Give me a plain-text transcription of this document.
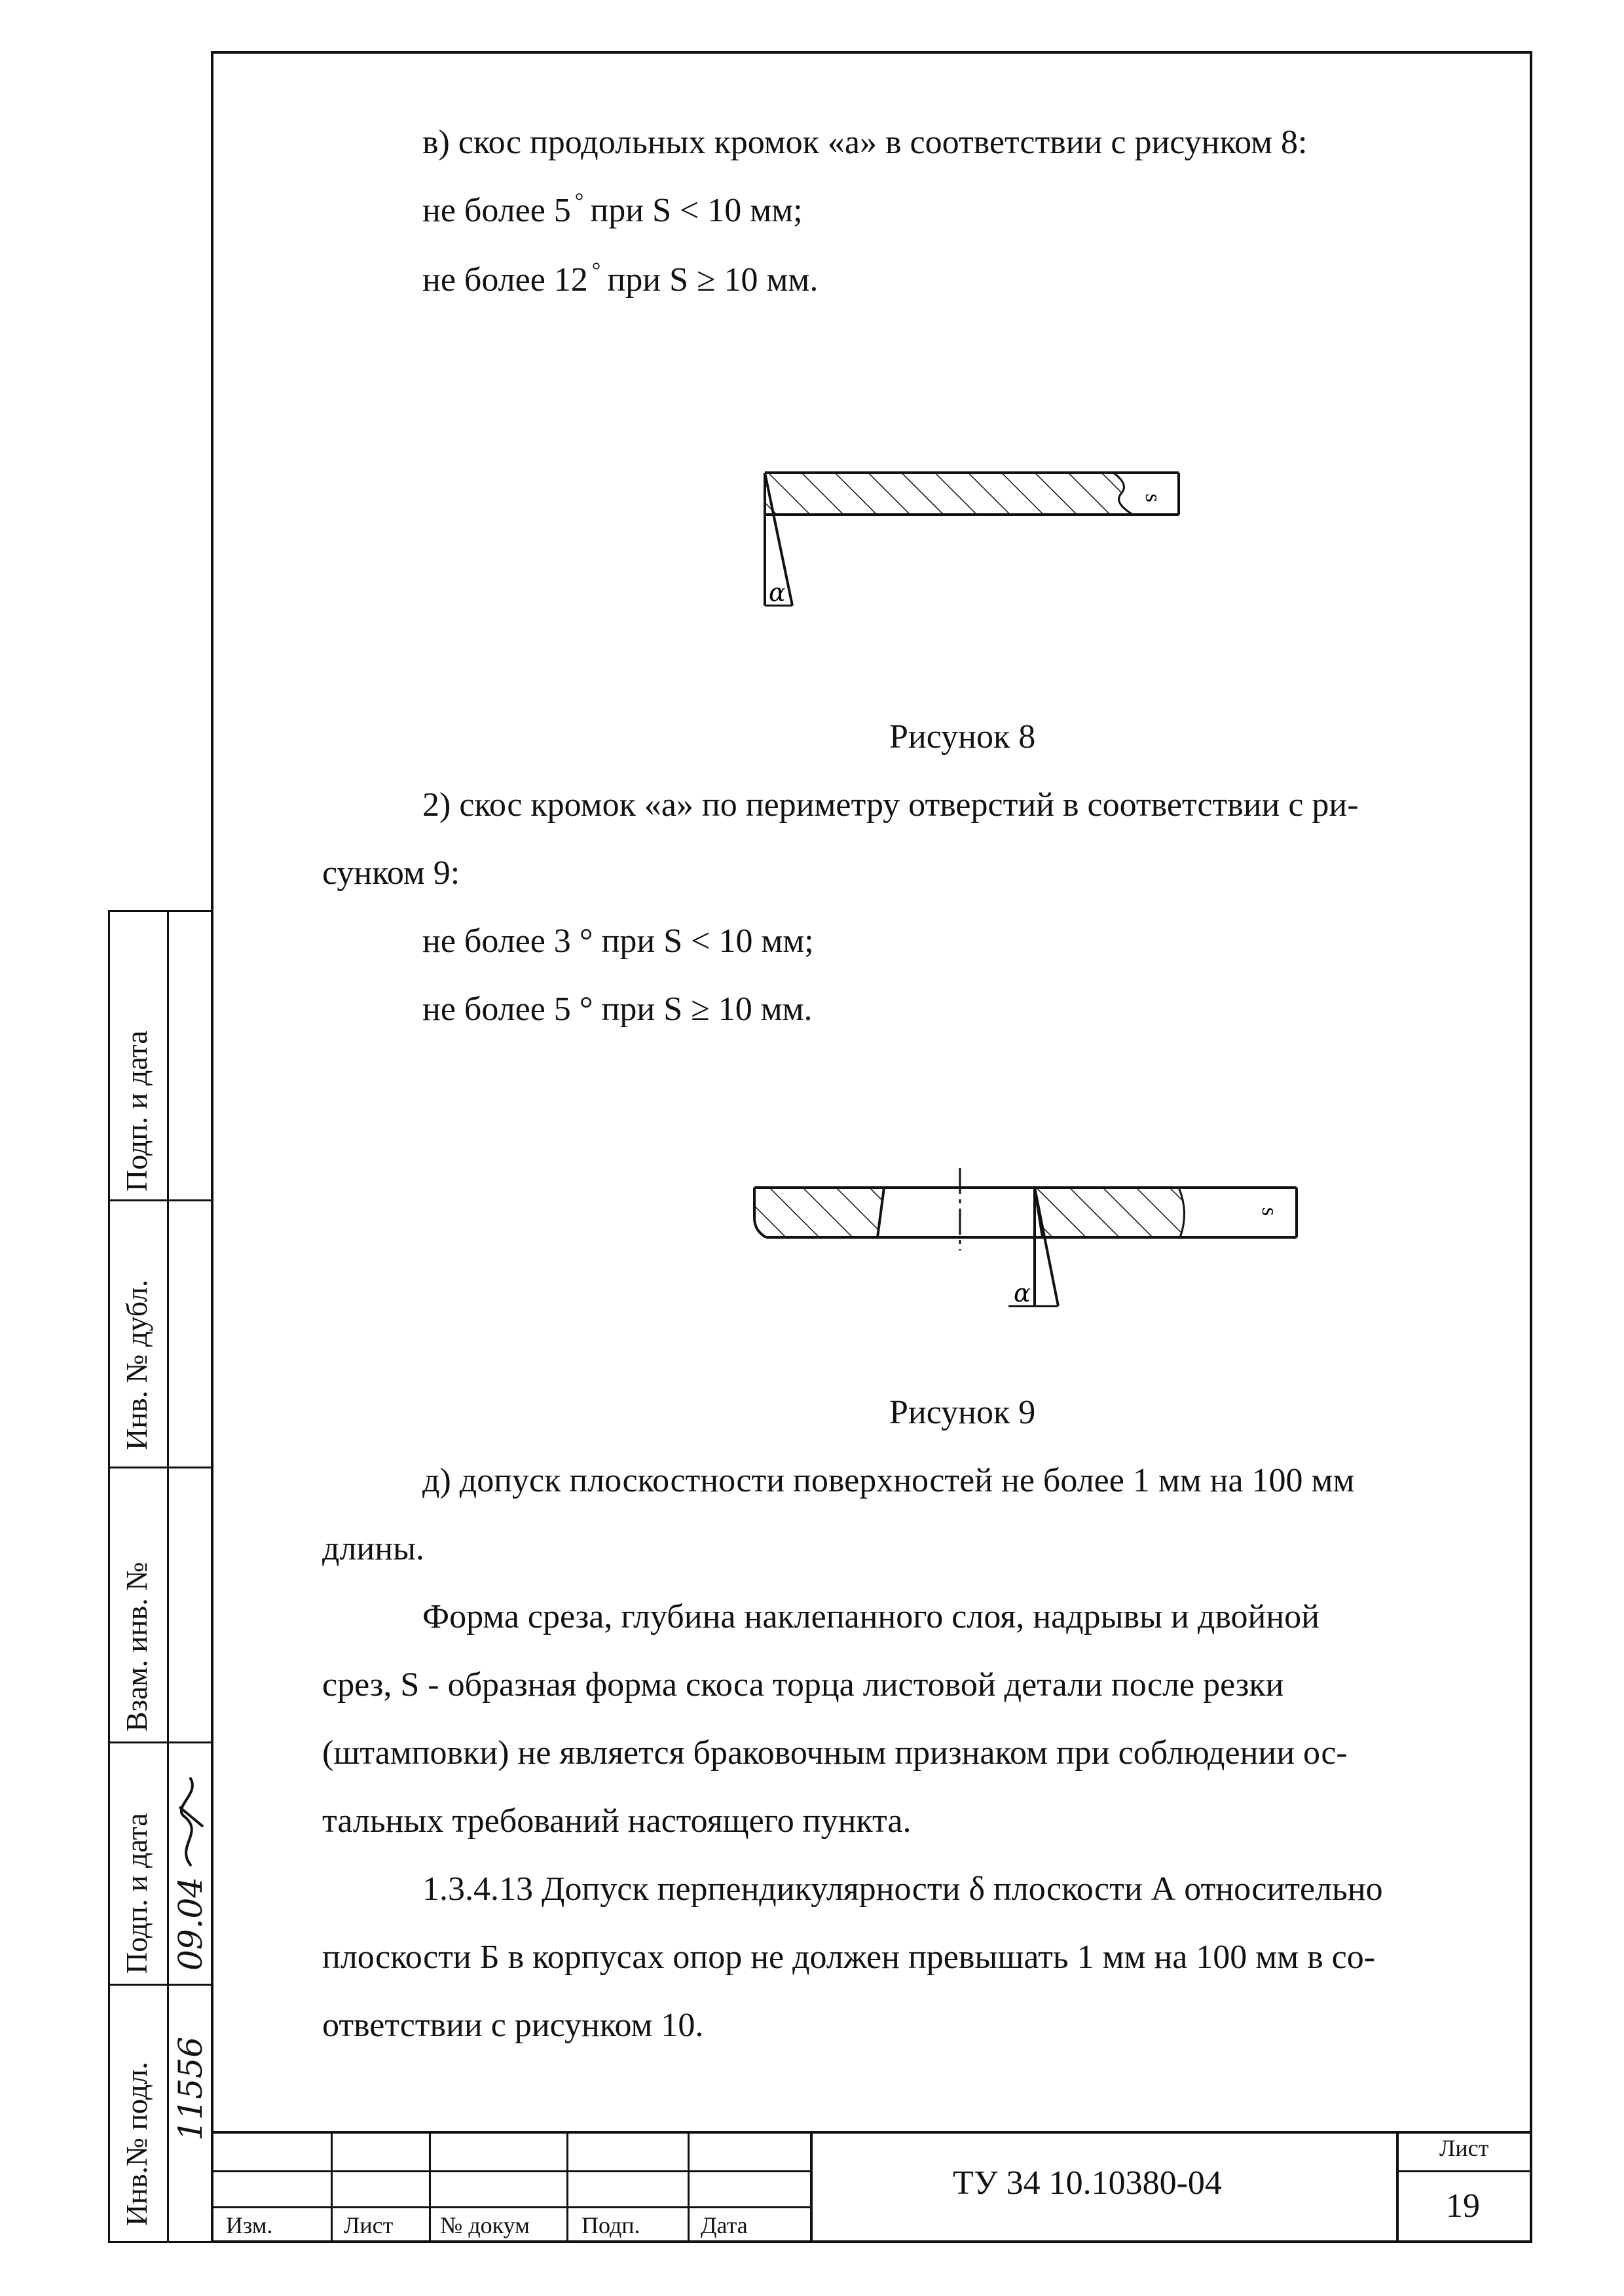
в) скос продольных кромок «а» в соответствии с рисунком 8:
не более 5 ° при S < 10 мм;
не более 12 ° при S ≥ 10 мм.
s
α
Рисунок 8
2) скос кромок «а» по периметру отверстий в соответствии с ри-
сунком 9:
не более 3 ° при S < 10 мм;
не более 5 ° при S ≥ 10 мм.
s
α
Рисунок 9
д) допуск плоскостности поверхностей не более 1 мм на 100 мм
длины.
Форма среза, глубина наклепанного слоя, надрывы и двойной
срез, S - образная форма скоса торца листовой детали после резки
(штамповки) не является браковочным признаком при соблюдении ос-
тальных требований настоящего пункта.
1.3.4.13 Допуск перпендикулярности δ плоскости А относительно
плоскости Б в корпусах опор не должен превышать 1 мм на 100 мм в со-
ответствии с рисунком 10.
Подп. и дата
Инв. № дубл.
Взам. инв. №
Подп. и дата
Инв.№ подл.
09.04
11556
Изм.	Лист № докум Подп.	Дата
ТУ 34 10.10380-04
Лист
19
